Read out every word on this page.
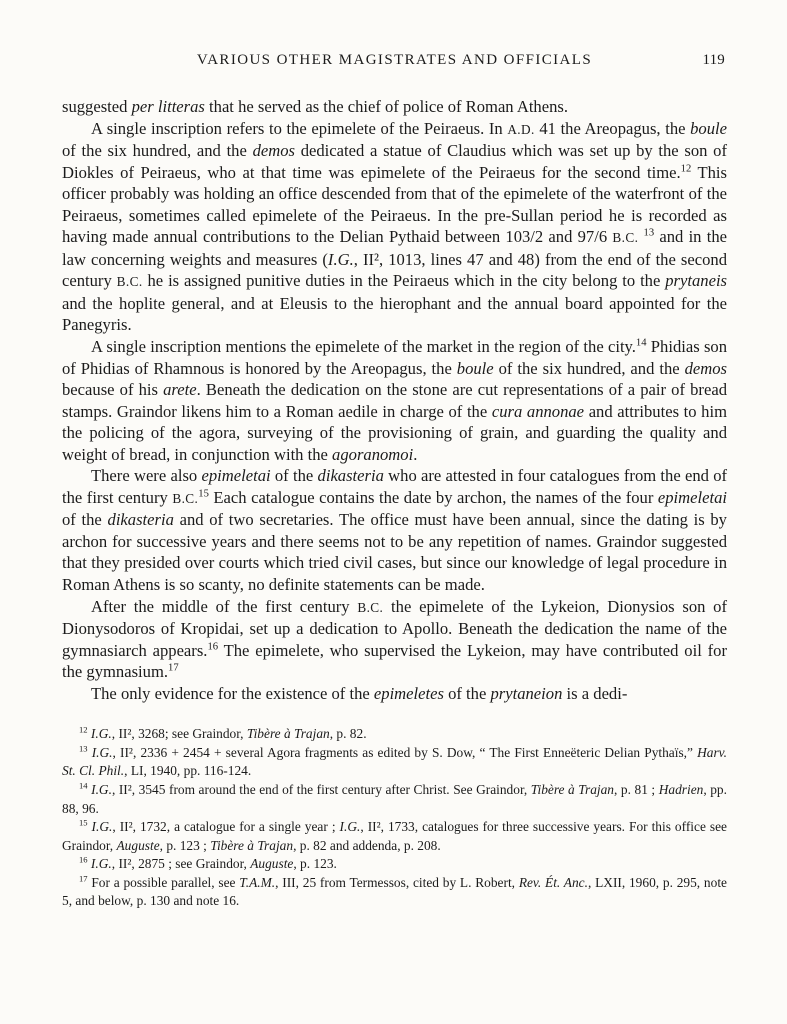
VARIOUS OTHER MAGISTRATES AND OFFICIALS	119

suggested per litteras that he served as the chief of police of Roman Athens.

A single inscription refers to the epimelete of the Peiraeus. In A.D. 41 the Areopagus, the boule of the six hundred, and the demos dedicated a statue of Claudius which was set up by the son of Diokles of Peiraeus, who at that time was epimelete of the Peiraeus for the second time.$^{12}$ This officer probably was holding an office descended from that of the epimelete of the waterfront of the Peiraeus, sometimes called epimelete of the Peiraeus. In the pre-Sullan period he is recorded as having made annual contributions to the Delian Pythaid between 103/2 and 97/6 B.C. $^{13}$ and in the law concerning weights and measures (I.G., II², 1013, lines 47 and 48) from the end of the second century B.C. he is assigned punitive duties in the Peiraeus which in the city belong to the prytaneis and the hoplite general, and at Eleusis to the hierophant and the annual board appointed for the Panegyris.

A single inscription mentions the epimelete of the market in the region of the city.$^{14}$ Phidias son of Phidias of Rhamnous is honored by the Areopagus, the boule of the six hundred, and the demos because of his arete. Beneath the dedication on the stone are cut representations of a pair of bread stamps. Graindor likens him to a Roman aedile in charge of the cura annonae and attributes to him the policing of the agora, surveying of the provisioning of grain, and guarding the quality and weight of bread, in conjunction with the agoranomoi.

There were also epimeletai of the dikasteria who are attested in four catalogues from the end of the first century B.C.$^{15}$ Each catalogue contains the date by archon, the names of the four epimeletai of the dikasteria and of two secretaries. The office must have been annual, since the dating is by archon for successive years and there seems not to be any repetition of names. Graindor suggested that they presided over courts which tried civil cases, but since our knowledge of legal procedure in Roman Athens is so scanty, no definite statements can be made.

After the middle of the first century B.C. the epimelete of the Lykeion, Dionysios son of Dionysodoros of Kropidai, set up a dedication to Apollo. Beneath the dedication the name of the gymnasiarch appears.$^{16}$ The epimelete, who supervised the Lykeion, may have contributed oil for the gymnasium.$^{17}$

The only evidence for the existence of the epimeletes of the prytaneion is a dedi-

$^{12}$ I.G., II², 3268; see Graindor, Tibère à Trajan, p. 82.

$^{13}$ I.G., II², 2336 + 2454 + several Agora fragments as edited by S. Dow, “ The First Enneëteric Delian Pythaïs,” Harv. St. Cl. Phil., LI, 1940, pp. 116-124.

$^{14}$ I.G., II², 3545 from around the end of the first century after Christ. See Graindor, Tibère à Trajan, p. 81 ; Hadrien, pp. 88, 96.

$^{15}$ I.G., II², 1732, a catalogue for a single year ; I.G., II², 1733, catalogues for three successive years. For this office see Graindor, Auguste, p. 123 ; Tibère à Trajan, p. 82 and addenda, p. 208.

$^{16}$ I.G., II², 2875 ; see Graindor, Auguste, p. 123.

$^{17}$ For a possible parallel, see T.A.M., III, 25 from Termessos, cited by L. Robert, Rev. Ét. Anc., LXII, 1960, p. 295, note 5, and below, p. 130 and note 16.
